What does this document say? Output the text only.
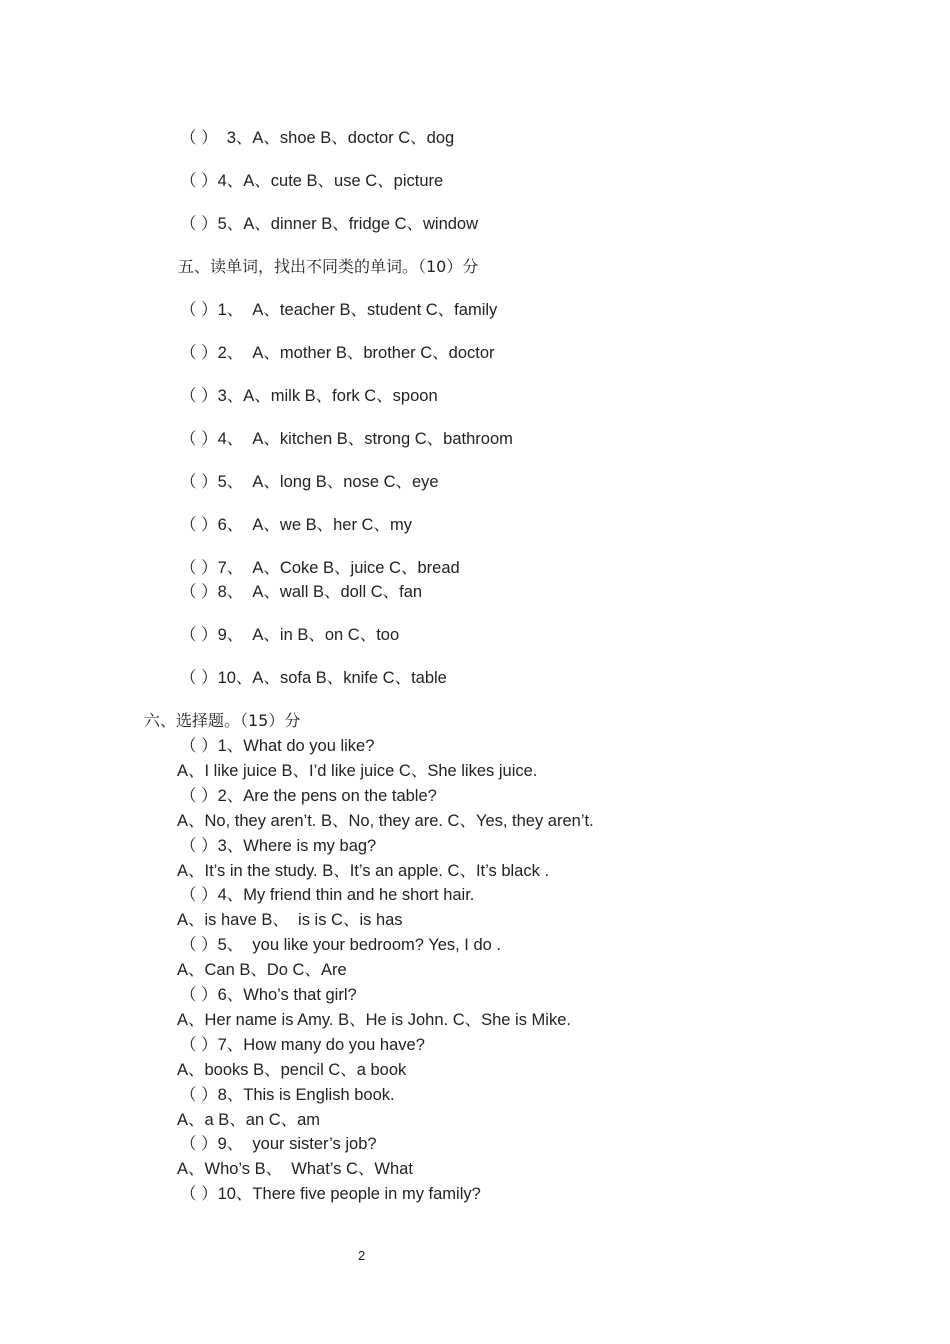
（ ）  3、A、shoe B、doctor C、dog
（ ）4、A、cute B、use C、picture
（ ）5、A、dinner B、fridge C、window
五、读单词，找出不同类的单词。（10）分
（ ）1、  A、teacher B、student C、family
（ ）2、  A、mother B、brother C、doctor
（ ）3、A、milk B、fork C、spoon
（ ）4、  A、kitchen B、strong C、bathroom
（ ）5、  A、long B、nose C、eye
（ ）6、  A、we B、her C、my
（ ）7、  A、Coke B、juice C、bread
（ ）8、  A、wall B、doll C、fan
（ ）9、  A、in B、on C、too
（ ）10、A、sofa B、knife C、table
六、选择题。（15）分
（ ）1、What do you like?
A、I like juice B、I’d like juice C、She likes juice.
（ ）2、Are the pens on the table?
A、No, they aren’t. B、No, they are. C、Yes, they aren’t.
（ ）3、Where is my bag?
A、It’s in the study. B、It’s an apple. C、It’s black .
（ ）4、My friend thin and he short hair.
A、is have B、  is is C、is has
（ ）5、  you like your bedroom? Yes, I do .
A、Can B、Do C、Are
（ ）6、Who’s that girl?
A、Her name is Amy. B、He is John. C、She is Mike.
（ ）7、How many do you have?
A、books B、pencil C、a book
（ ）8、This is English book.
A、a B、an C、am
（ ）9、  your sister’s job?
A、Who’s B、  What’s C、What
（ ）10、There five people in my family?
2
